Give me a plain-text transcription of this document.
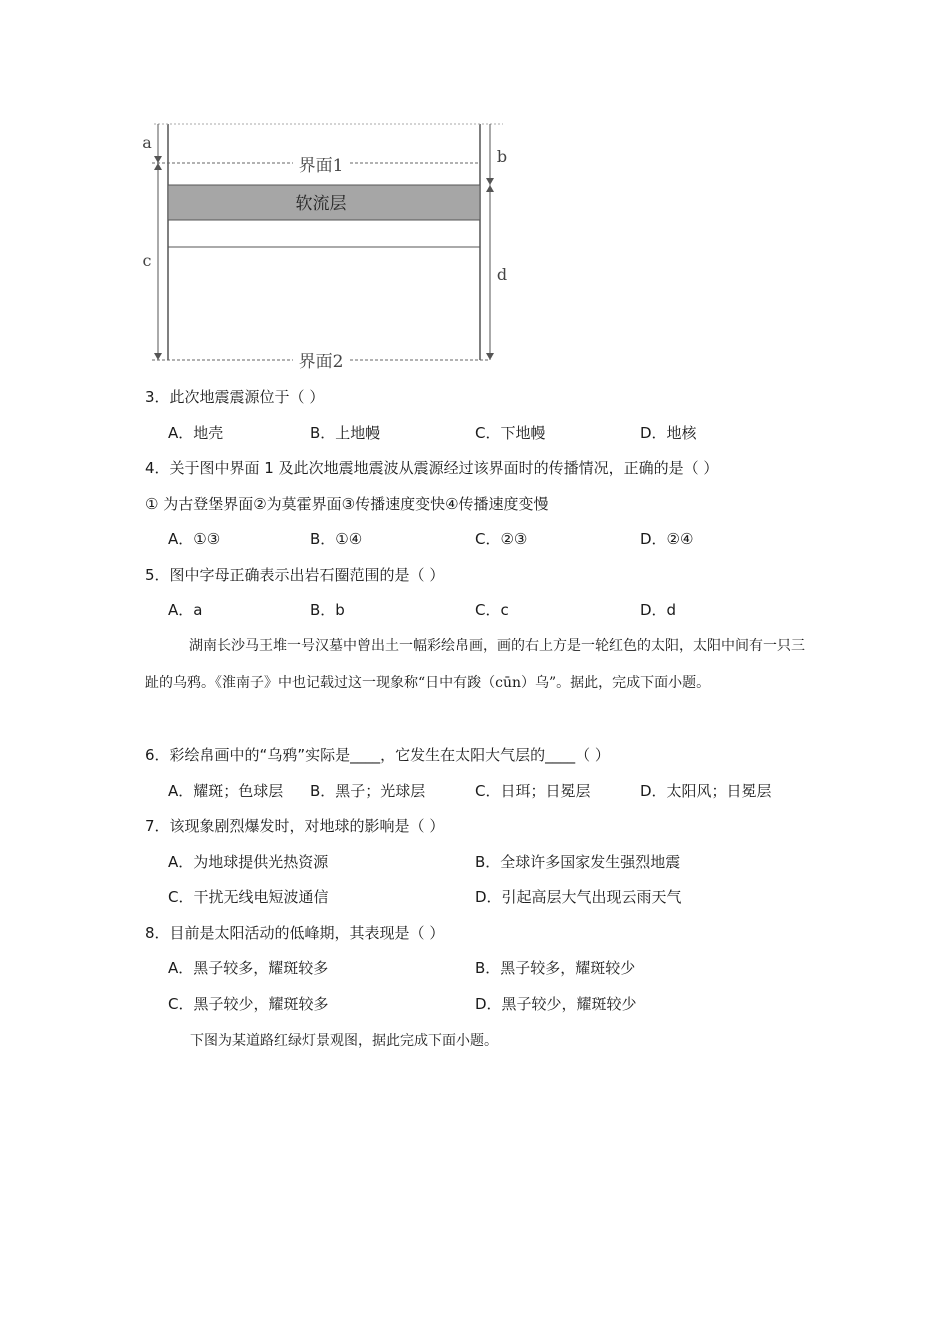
界面1
软流层
界面2
a
c
b
d
3．此次地震震源位于（ ）
A．地壳	B．上地幔	C．下地幔	D．地核
4．关于图中界面 1 及此次地震地震波从震源经过该界面时的传播情况，正确的是（ ）
① 为古登堡界面②为莫霍界面③传播速度变快④传播速度变慢
A．①③	B．①④	C．②③	D．②④
5．图中字母正确表示出岩石圈范围的是（ ）
A．a	B．b	C．c	D．d
湖南长沙马王堆一号汉墓中曾出土一幅彩绘帛画，画的右上方是一轮红色的太阳，太阳中间有一只三趾的乌鸦。《淮南子》中也记载过这一现象称“日中有踆（cūn）乌”。据此，完成下面小题。
6．彩绘帛画中的“乌鸦”实际是____，它发生在太阳大气层的____（ ）
A．耀斑；色球层 B．黑子；光球层	C．日珥；日冕层	D．太阳风；日冕层
7．该现象剧烈爆发时，对地球的影响是（ ）
A．为地球提供光热资源	B．全球许多国家发生强烈地震
C．干扰无线电短波通信	D．引起高层大气出现云雨天气
8．目前是太阳活动的低峰期，其表现是（ ）
A．黑子较多，耀斑较多	B．黑子较多，耀斑较少
C．黑子较少，耀斑较多	D．黑子较少，耀斑较少
下图为某道路红绿灯景观图，据此完成下面小题。
